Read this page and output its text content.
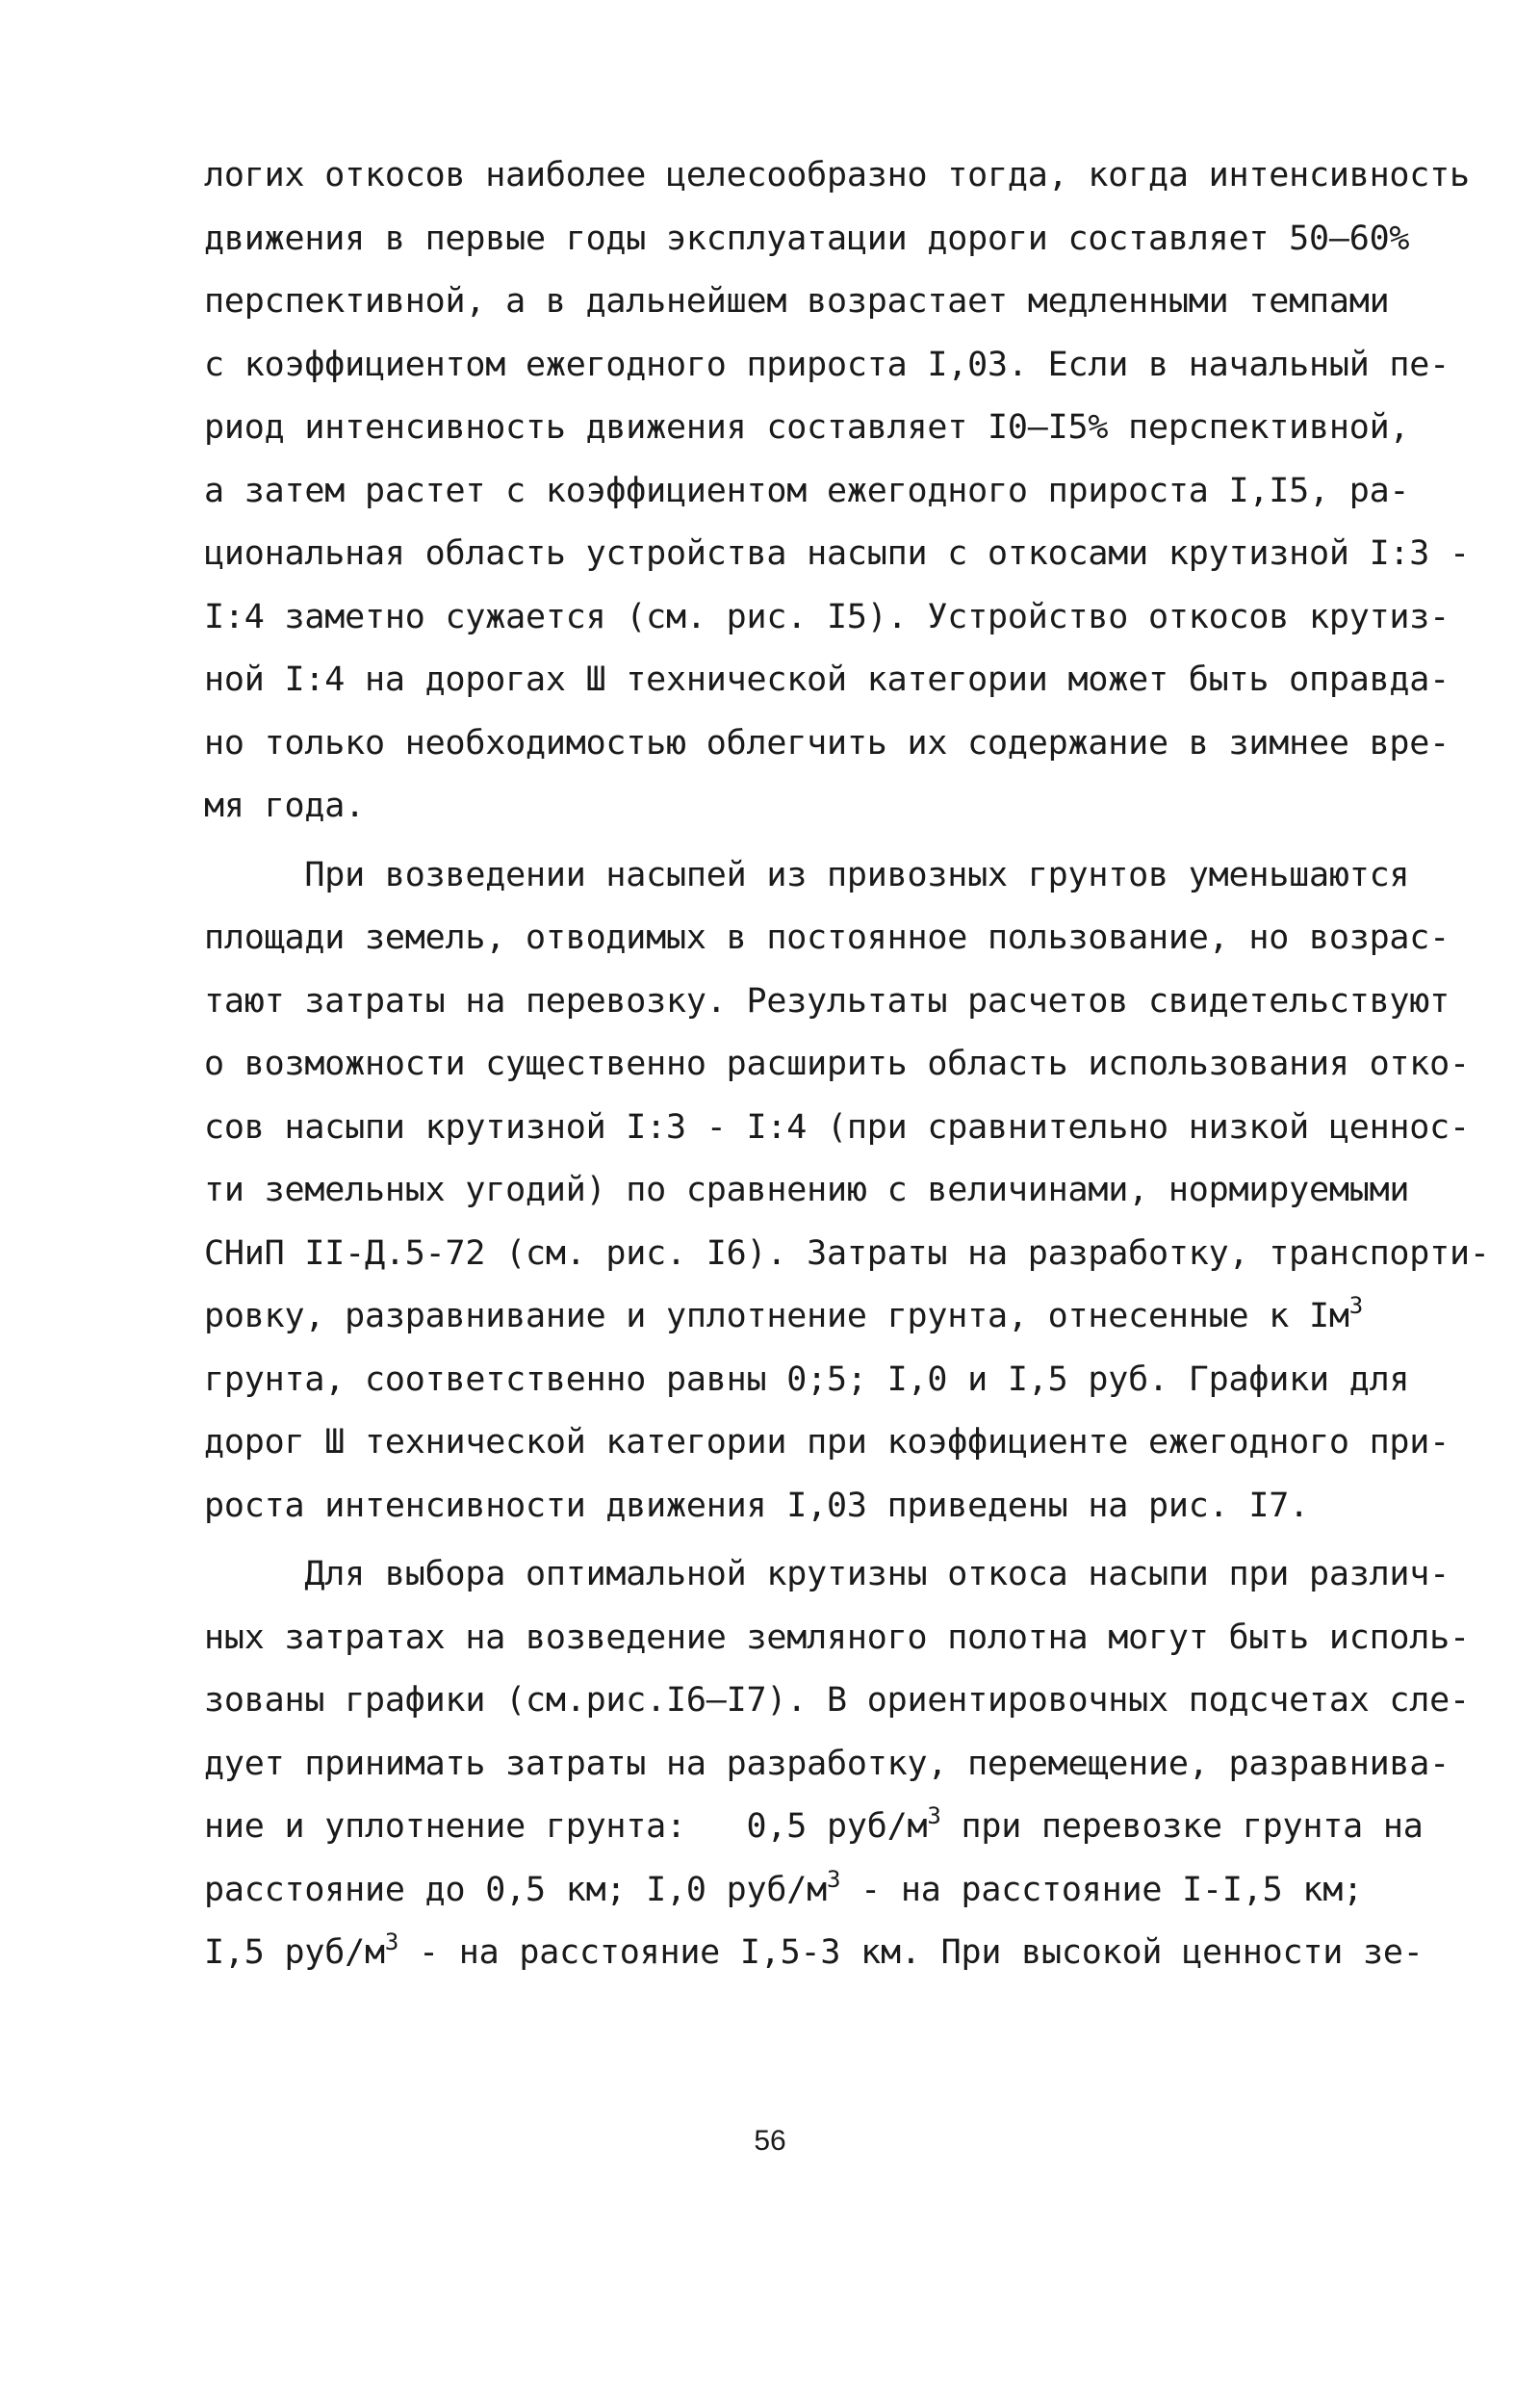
логих откосов наиболее целесообразно тогда, когда интенсивность
движения в первые годы эксплуатации дороги составляет 50–60%
перспективной, а в дальнейшем возрастает медленными темпами
с коэффициентом ежегодного прироста I,03. Если в начальный пе-
риод интенсивность движения составляет I0–I5% перспективной,
а затем растет с коэффициентом ежегодного прироста I,I5, ра-
циональная область устройства насыпи с откосами крутизной I:3 -
I:4 заметно сужается (см. рис. I5). Устройство откосов крутиз-
ной I:4 на дорогах Ш технической категории может быть оправда-
но только необходимостью облегчить их содержание в зимнее вре-
мя года.
При возведении насыпей из привозных грунтов уменьшаются
площади земель, отводимых в постоянное пользование, но возрас-
тают затраты на перевозку. Результаты расчетов свидетельствуют
о возможности существенно расширить область использования отко-
сов насыпи крутизной I:3 - I:4 (при сравнительно низкой ценнос-
ти земельных угодий) по сравнению с величинами, нормируемыми
СНиП II-Д.5-72 (см. рис. I6). Затраты на разработку, транспорти-
ровку, разравнивание и уплотнение грунта, отнесенные к $Iм^3$
грунта, соответственно равны 0;5; I,0 и I,5 руб. Графики для
дорог Ш технической категории при коэффициенте ежегодного при-
роста интенсивности движения I,03 приведены на рис. I7.
Для выбора оптимальной крутизны откоса насыпи при различ-
ных затратах на возведение земляного полотна могут быть исполь-
зованы графики (см.рис.I6–I7). В ориентировочных подсчетах сле-
дует принимать затраты на разработку, перемещение, разравнива-
ние и уплотнение грунта:   0,5 руб/$м^3$ при перевозке грунта на
расстояние до 0,5 км; I,0 руб/$м^3$ - на расстояние I-I,5 км;
I,5 руб/$м^3$ - на расстояние I,5-3 км. При высокой ценности зе-
56
